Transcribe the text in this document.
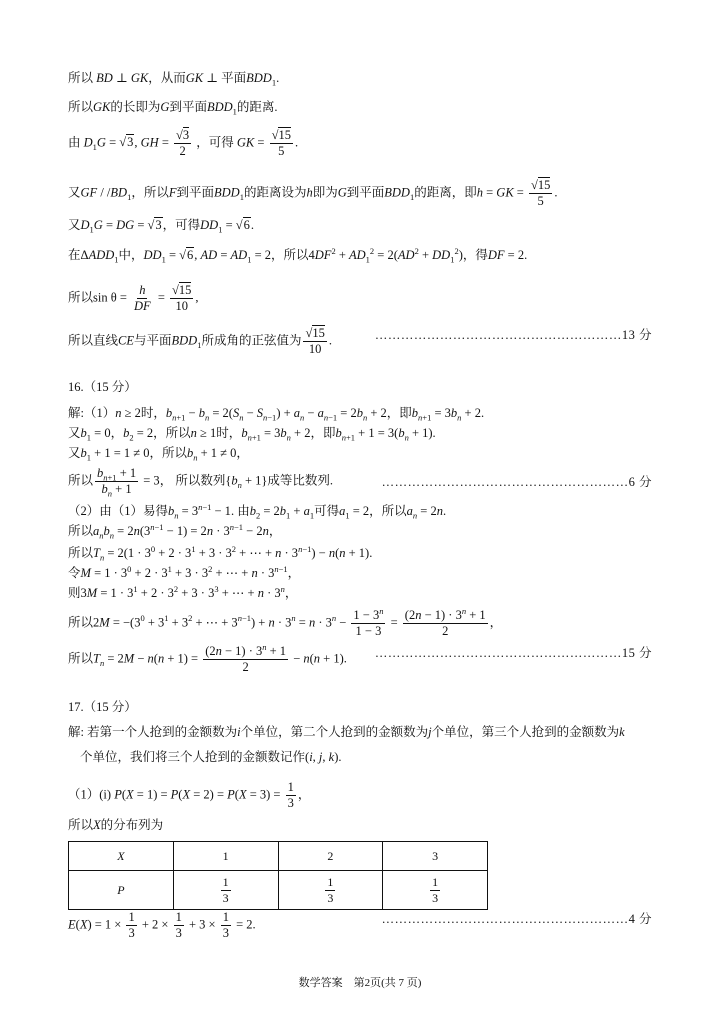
所以 BD ⊥ GK，从而GK ⊥ 平面$BDD_1$.
所以GK的长即为G到平面$BDD_1$的距离.
由 $D_1G = √3$, GH = $\frac{√3}{2}$ ，可得 GK = $\frac{√15}{5}$ .
又GF / $/BD_1$，所以F到平面$BDD_1$的距离设为h即为G到平面$BDD_1$的距离，即h = GK = $\frac{√15}{5}$ .
又$D_1G$ = DG = √3，可得$DD_1 = √6$.
在$\Delta ADD_1$中，$DD_1 = √6$, AD = $AD_1 = 2$，所以$4DF^2 + AD_1^2 = 2(AD^2 + DD_1^2)$，得DF = 2.
所以$\sin \theta = \frac{h}{DF} = \frac{√15}{10}$ ,
所以直线CE与平面$BDD_1$所成角的正弦值为 $\frac{√15}{10}$ .	…………………………………………………13 分
16.（15 分）
解:（1）n ≥ 2时，$b_{n+1} - b_n = 2(S_n - S_{n-1}) + a_n - a_{n-1} = 2b_n + 2$，即$b_{n+1} = 3b_n + 2$.
又$b_1 = 0$，$b_2 = 2$，所以n ≥ 1时，$b_{n+1} = 3b_n + 2$，即$b_{n+1} + 1 = 3(b_n + 1)$.
又$b_1 + 1 = 1 \ne 0$，所以$b_n + 1 \ne 0$，
所以 $\frac{b_{n+1} + 1}{b_n + 1} = 3$， 所以数列$\{b_n + 1\}$成等比数列.	…………………………………………………6 分
（2）由（1）易得$b_n = 3^{n-1} - 1$. 由$b_2 = 2b_1 + a_1$可得$a_1 = 2$，所以$a_n = 2n$.
所以$a_nb_n = 2n(3^{n-1} - 1) = 2n \cdot 3^{n-1} - 2n$，
所以$T_n = 2(1 \cdot 3^0 + 2 \cdot 3^1 + 3 \cdot 3^2$ + ⋯ + $n \cdot 3^{n-1}) - n(n + 1)$.
令$M = 1 \cdot 3^0 + 2 \cdot 3^1 + 3 \cdot 3^2$ + ⋯ + $n \cdot 3^{n-1}$，
则$3M = 1 \cdot 3^1 + 2 \cdot 3^2 + 3 \cdot 3^3$ + ⋯ + $n \cdot 3^n$，
所以$2M = -(3^0 + 3^1 + 3^2$ + ⋯ + $3^{n-1}) + n \cdot 3^n = n \cdot 3^n - \frac{1 - 3^n}{1 - 3} = \frac{(2n - 1) \cdot 3^n + 1}{2}$ ，
所以$T_n = 2M - n(n + 1) = \frac{(2n - 1) \cdot 3^n + 1}{2} - n(n + 1)$. …………………………………………………15 分
17.（15 分）
解: 若第一个人抢到的金额数为i个单位，第二个人抢到的金额数为j个单位，第三个人抢到的金额数为k
个单位，我们将三个人抢到的金额数记作(i, j, k).
（1）(i) $P(X = 1) = P(X = 2) = P(X = 3) = \frac{1}{3}$ ，
所以X的分布列为
X	1	2	3
P	$\frac{1}{3}$	$\frac{1}{3}$	$\frac{1}{3}$
$E(X) = 1 \times \frac{1}{3} + 2 \times \frac{1}{3} + 3 \times \frac{1}{3} = 2$.	…………………………………………………4 分
数学答案　第2页(共 7 页)
